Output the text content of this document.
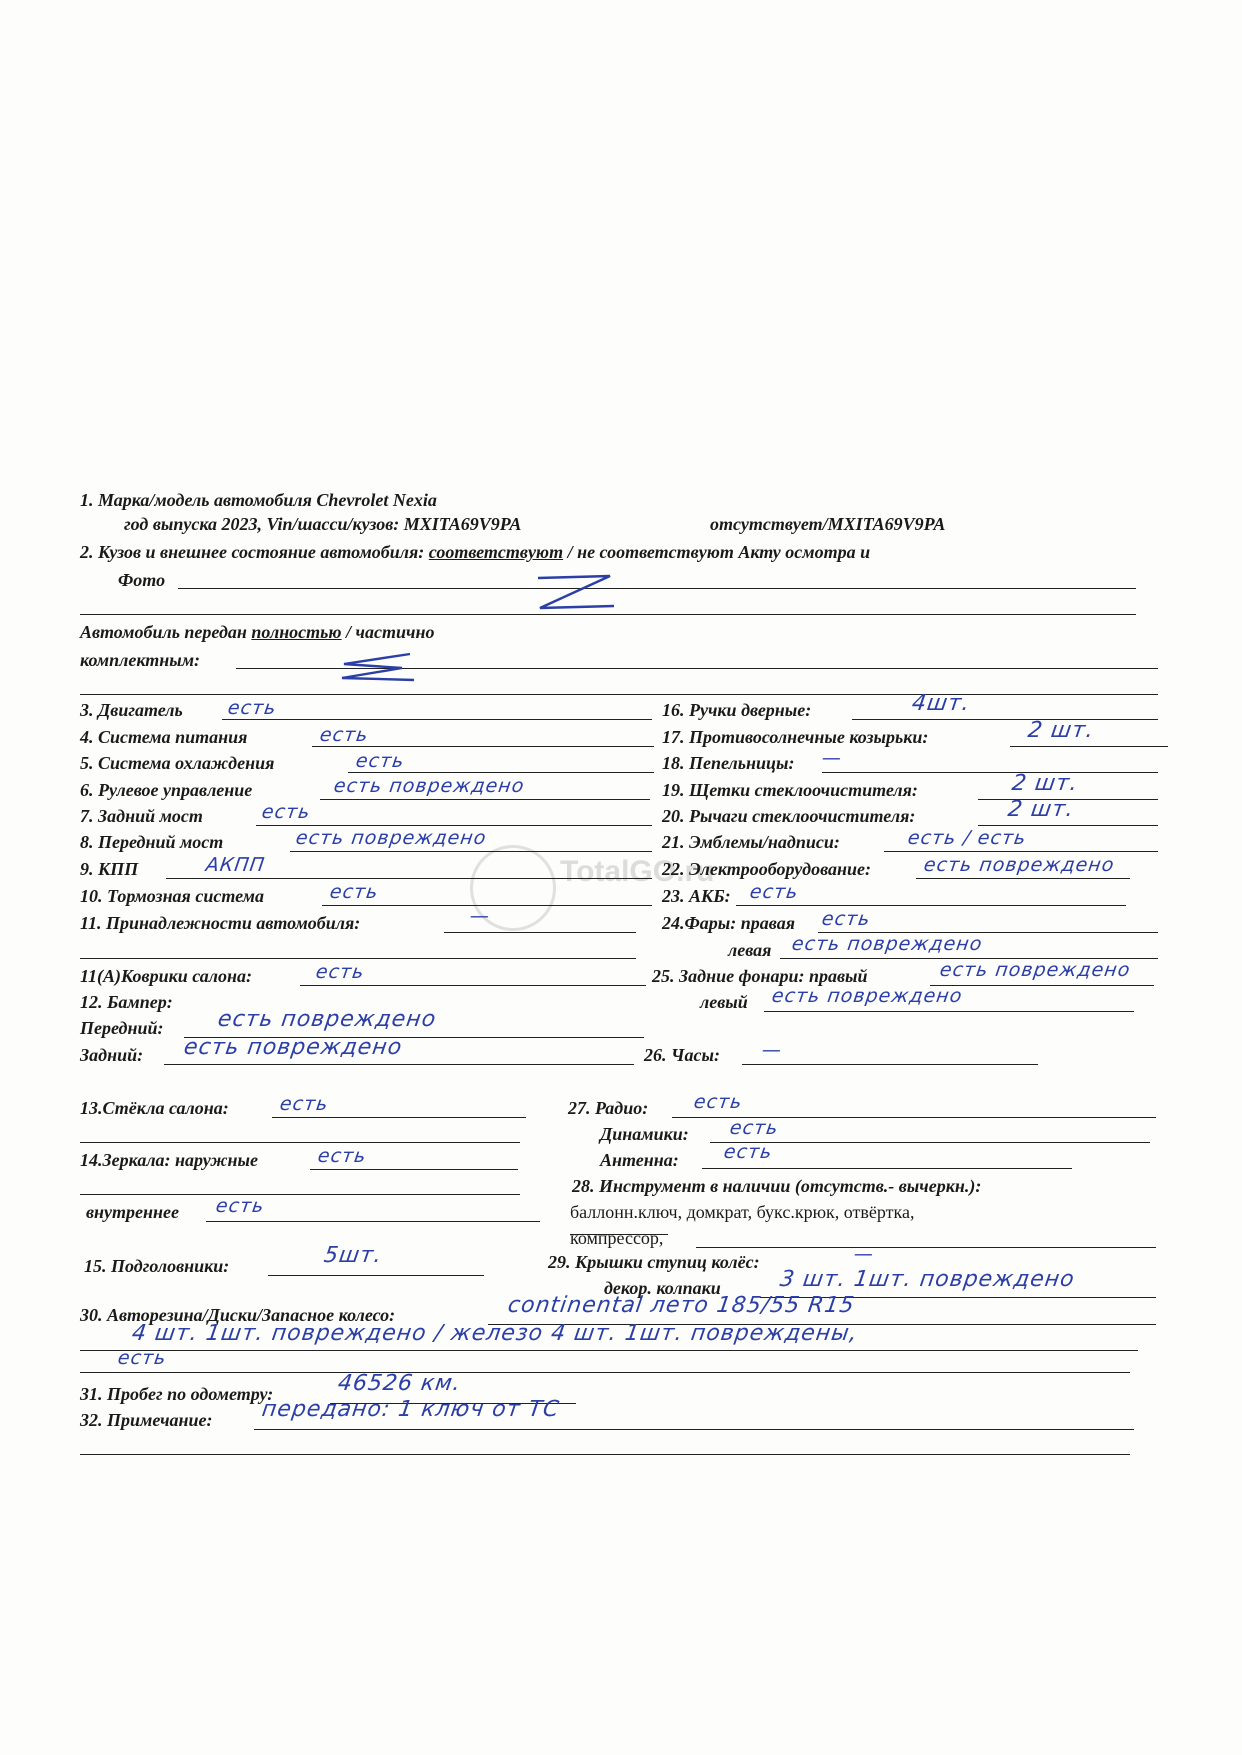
TotalGO.ru
1. Марка/модель автомобиля Chevrolet Nexia
год выпуска 2023, Vin/шасси/кузов: MXITA69V9PA	отсутствует/MXITA69V9PA
2. Кузов и внешнее состояние автомобиля: соответствуют / не соответствуют Акту осмотра и
Фото
Автомобиль передан полностью / частично
комплектным:
3. Двигатель есть
4. Система питания	есть
5. Система охлаждения	есть
6. Рулевое управление	есть повреждено
7. Задний мост	есть
8. Передний мост	есть повреждено
9. КПП	АКПП
10. Тормозная система	есть
11. Принадлежности автомобиля:	—
16. Ручки дверные:	4шт.
17. Противосолнечные козырьки:	2 шт.
18. Пепельницы: —
19. Щетки стеклоочистителя:	2 шт.
20. Рычаги стеклоочистителя:	2 шт.
21. Эмблемы/надписи:	есть / есть
22. Электрооборудование:	есть повреждено
23. АКБ: есть
24.Фары: правая есть
левая есть повреждено
11(А)Коврики салона:	есть	25. Задние фонари: правый	есть повреждено
левый есть повреждено
12. Бампер:
Передний: есть повреждено
Задний: есть повреждено	26. Часы: —
13.Стёкла салона:	есть	27. Радио: есть
Динамики: есть
Антенна: есть
14.Зеркала: наружные	есть
внутреннее есть
28. Инструмент в наличии (отсутств.- вычеркн.):
баллонн.ключ, домкрат, букс.крюк, отвёртка,
компрессор,
15. Подголовники:	5шт.	29. Крышки ступиц колёс:	—
декор. колпаки	3 шт. 1шт. повреждено
30. Авторезина/Диски/Запасное колесо:	continental лето 185/55 R15
4 шт. 1шт. повреждено / железо 4 шт. 1шт. повреждены,
есть
31. Пробег по одометру:	46526 км.
32. Примечание: передано: 1 ключ от ТС
